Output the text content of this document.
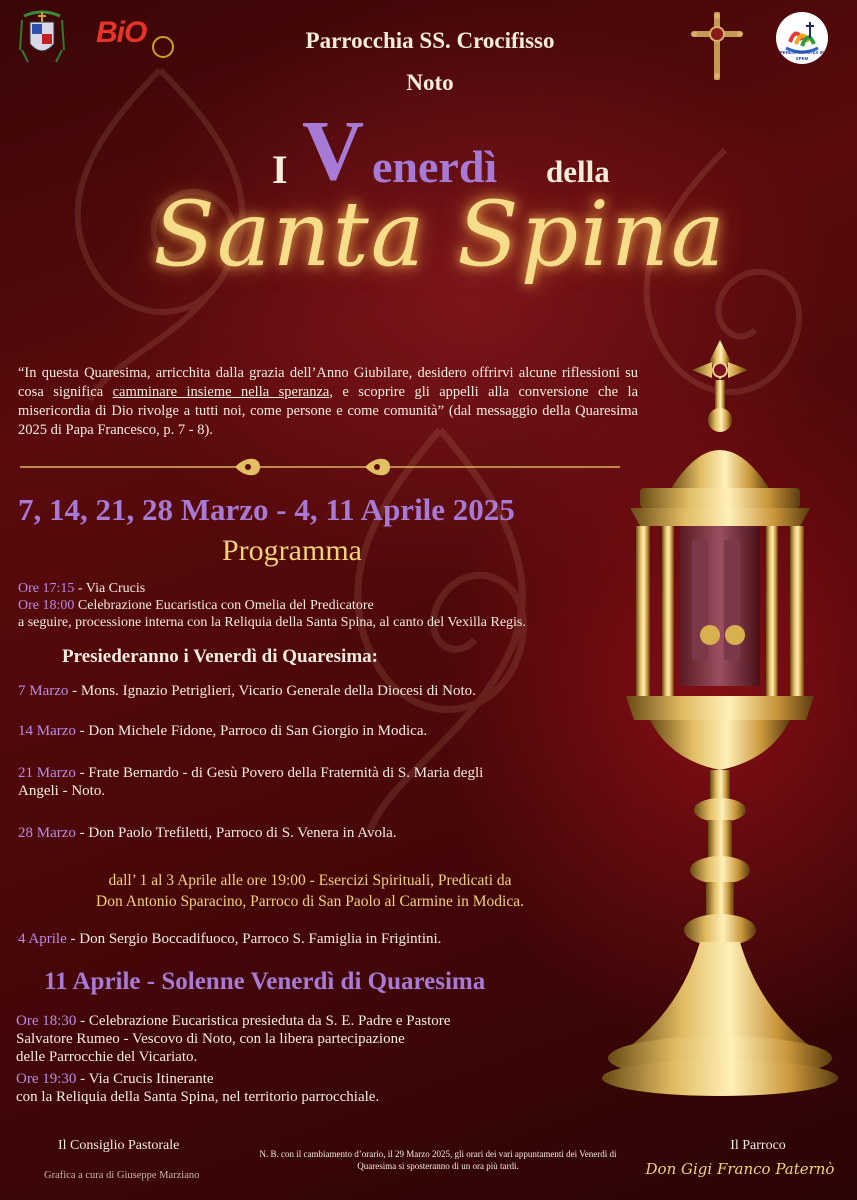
BiO	Parrocchia SS. Crocifisso
Noto
PEREGRINANTES IN SPEM
I V enerdì della
Santa Spina
“In questa Quaresima, arricchita dalla grazia dell’Anno Giubilare, desidero offrirvi alcune riflessioni su cosa significa camminare insieme nella speranza, e scoprire gli appelli alla conversione che la misericordia di Dio rivolge a tutti noi, come persone e come comunità” (dal messaggio della Quaresima 2025 di Papa Francesco, p. 7 - 8).
7, 14, 21, 28 Marzo - 4, 11 Aprile 2025
Programma
Ore 17:15 - Via Crucis
Ore 18:00 Celebrazione Eucaristica con Omelia del Predicatore
a seguire, processione interna con la Reliquia della Santa Spina, al canto del Vexilla Regis.
Presiederanno i Venerdì di Quaresima:
7 Marzo - Mons. Ignazio Petriglieri, Vicario Generale della Diocesi di Noto.
14 Marzo - Don Michele Fidone, Parroco di San Giorgio in Modica.
21 Marzo - Frate Bernardo - di Gesù Povero della Fraternità di S. Maria degli
Angeli - Noto.
28 Marzo - Don Paolo Trefiletti, Parroco di S. Venera in Avola.
dall’ 1 al 3 Aprile alle ore 19:00 - Esercizi Spirituali, Predicati da
Don Antonio Sparacino, Parroco di San Paolo al Carmine in Modica.
4 Aprile - Don Sergio Boccadifuoco, Parroco S. Famiglia in Frigintini.
11 Aprile - Solenne Venerdì di Quaresima
Ore 18:30 - Celebrazione Eucaristica presieduta da S. E. Padre e Pastore
Salvatore Rumeo - Vescovo di Noto, con la libera partecipazione
delle Parrocchie del Vicariato.
Ore 19:30 - Via Crucis Itinerante
con la Reliquia della Santa Spina, nel territorio parrocchiale.
Il Consiglio Pastorale
Grafica a cura di Giuseppe Marziano
N. B. con il cambiamento d’orario, il 29 Marzo 2025, gli orari dei vari appuntamenti dei Venerdì di Quaresima si sposteranno di un ora più tardi.
Il Parroco
Don Gigi Franco Paternò
